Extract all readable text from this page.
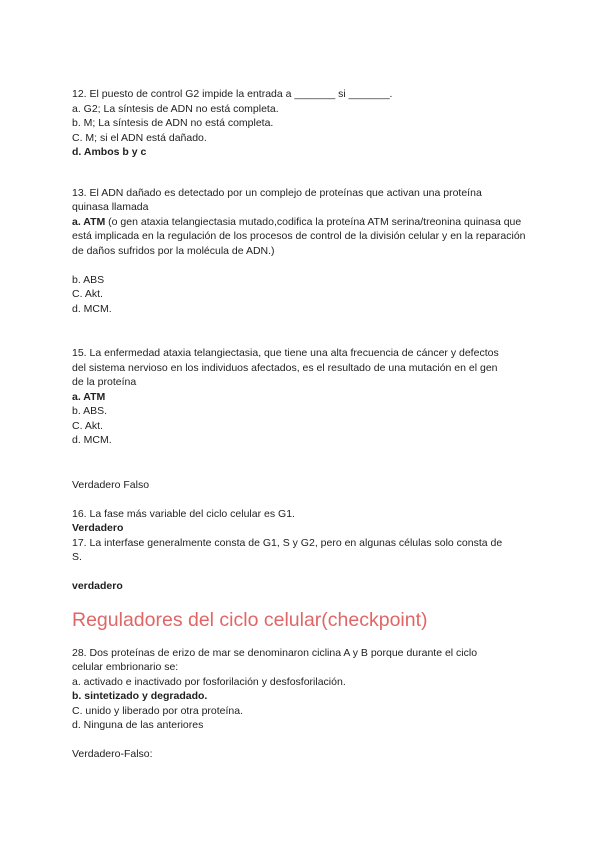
12. El puesto de control G2 impide la entrada a _______ si _______.

a. G2; La síntesis de ADN no está completa.

b. M; La síntesis de ADN no está completa.

C. M; si el ADN está dañado.

d. Ambos b y c

13. El ADN dañado es detectado por un complejo de proteínas que activan una proteína

quinasa llamada

a. ATM (o gen ataxia telangiectasia mutado,codifica la proteína ATM serina/treonina quinasa que está implicada en la regulación de los procesos de control de la división celular y en la reparación de daños sufridos por la molécula de ADN.)

b. ABS

C. Akt.

d. MCM.

15. La enfermedad ataxia telangiectasia, que tiene una alta frecuencia de cáncer y defectos

del sistema nervioso en los individuos afectados, es el resultado de una mutación en el gen

de la proteína

a. ATM

b. ABS.

C. Akt.

d. MCM.

Verdadero Falso

16. La fase más variable del ciclo celular es G1.

Verdadero

17. La interfase generalmente consta de G1, S y G2, pero en algunas células solo consta de

S.

verdadero

Reguladores del ciclo celular(checkpoint)

28. Dos proteínas de erizo de mar se denominaron ciclina A y B porque durante el ciclo

celular embrionario se:

a. activado e inactivado por fosforilación y desfosforilación.

b. sintetizado y degradado.

C. unido y liberado por otra proteína.

d. Ninguna de las anteriores

Verdadero-Falso:
